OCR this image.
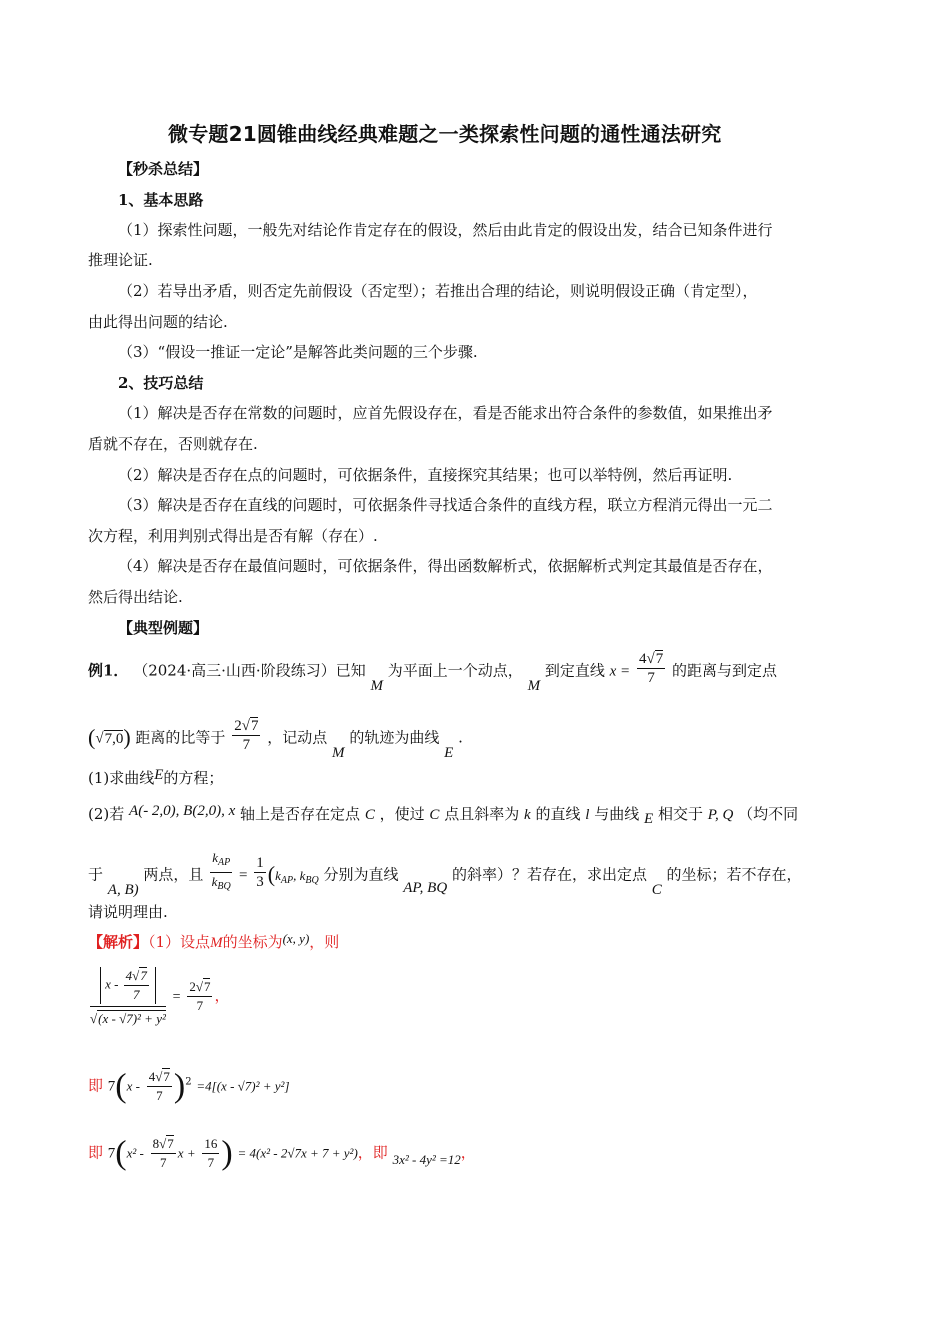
微专题21圆锥曲线经典难题之一类探索性问题的通性通法研究
【秒杀总结】
1、基本思路
（1）探索性问题，一般先对结论作肯定存在的假设，然后由此肯定的假设出发，结合已知条件进行
推理论证.
（2）若导出矛盾，则否定先前假设（否定型）；若推出合理的结论，则说明假设正确（肯定型），
由此得出问题的结论.
（3）“假设一推证一定论”是解答此类问题的三个步骤.
2、技巧总结
（1）解决是否存在常数的问题时，应首先假设存在，看是否能求出符合条件的参数值，如果推出矛
盾就不存在，否则就存在.
（2）解决是否存在点的问题时，可依据条件，直接探究其结果；也可以举特例，然后再证明.
（3）解决是否存在直线的问题时，可依据条件寻找适合条件的直线方程，联立方程消元得出一元二
次方程，利用判别式得出是否有解（存在）.
（4）解决是否存在最值问题时，可依据条件，得出函数解析式，依据解析式判定其最值是否存在，
然后得出结论.
【典型例题】
例1． （2024·高三·山西·阶段练习）已知 M 为平面上一个动点， M 到定直线 $x = \frac{4√7}{7}$ 的距离与到定点
(√7,0) 距离的比等于 $\frac{2√7}{7}$ ，记动点 M 的轨迹为曲线 E .
(1)求曲线E的方程；
(2)若 A(- 2,0), B(2,0), x 轴上是否存在定点 C ，使过 C 点且斜率为 k 的直线 l 与曲线 E 相交于 P, Q （均不同
于 A, B) 两点，且 $\frac{k_{AP}}{k_{BQ}} = \frac{1}{3} (k_{AP}$, $k_{BQ}$ 分别为直线 AP, BQ 的斜率）？若存在，求出定点 C 的坐标；若不存在，
请说明理由.
【解析】（1）设点M的坐标为(x, y)，则
$\frac{x - \frac{4√7}{7}}{\text{√(x - √7)² + y²}} = \frac{2√7}{7}$ ，
即 $7(x - \frac{4√7}{7} )^2 =4[(x - √7)^2 + y^2]$
即 $7(x^2 - \frac{8√7}{7}$ $x + \frac{16}{7}$ ) = 4(x² - 2√7x + 7 + y²)，即 3x² - 4y² =12，
